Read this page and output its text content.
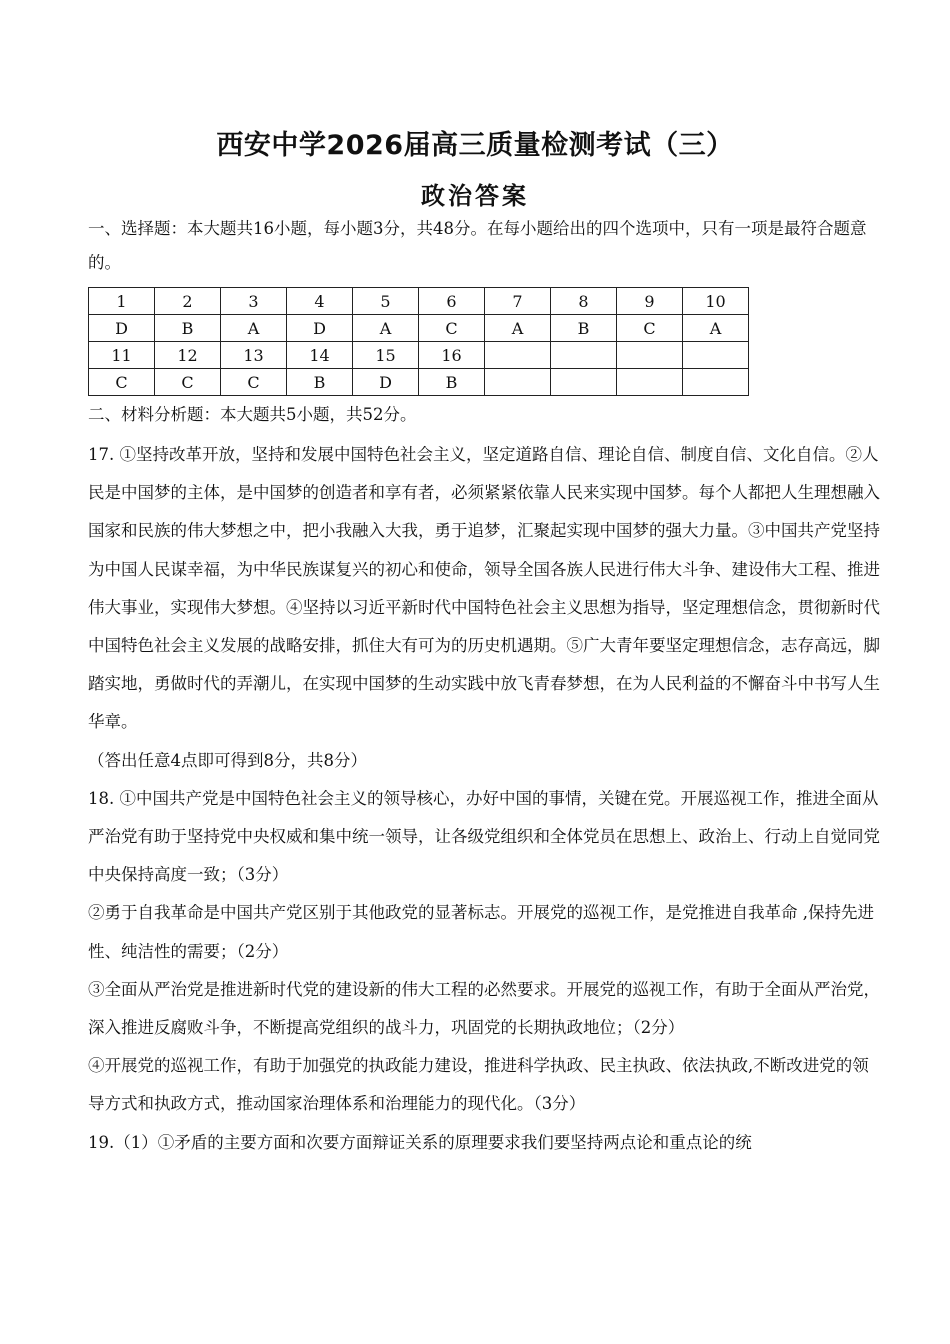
西安中学2026届高三质量检测考试（三）
政治答案

一、选择题：本大题共16小题，每小题3分，共48分。在每小题给出的四个选项中，只有一项是最符合题意的。

1	2	3	4	5	6	7	8	9	10
D	B	A	D	A	C	A	B	C	A
11	12	13	14	15	16				
C	C	C	B	D	B				

二、材料分析题：本大题共5小题，共52分。

17. ①坚持改革开放，坚持和发展中国特色社会主义，坚定道路自信、理论自信、制度自信、文化自信。②人民是中国梦的主体，是中国梦的创造者和享有者，必须紧紧依靠人民来实现中国梦。每个人都把人生理想融入国家和民族的伟大梦想之中，把小我融入大我，勇于追梦，汇聚起实现中国梦的强大力量。③中国共产党坚持为中国人民谋幸福，为中华民族谋复兴的初心和使命，领导全国各族人民进行伟大斗争、建设伟大工程、推进伟大事业，实现伟大梦想。④坚持以习近平新时代中国特色社会主义思想为指导，坚定理想信念，贯彻新时代中国特色社会主义发展的战略安排，抓住大有可为的历史机遇期。⑤广大青年要坚定理想信念，志存高远，脚踏实地，勇做时代的弄潮儿，在实现中国梦的生动实践中放飞青春梦想，在为人民利益的不懈奋斗中书写人生华章。

（答出任意4点即可得到8分，共8分）

18. ①中国共产党是中国特色社会主义的领导核心，办好中国的事情，关键在党。开展巡视工作，推进全面从严治党有助于坚持党中央权威和集中统一领导，让各级党组织和全体党员在思想上、政治上、行动上自觉同党中央保持高度一致；（3分）

②勇于自我革命是中国共产党区别于其他政党的显著标志。开展党的巡视工作，是党推进自我革命 ,保持先进性、纯洁性的需要；（2分）

③全面从严治党是推进新时代党的建设新的伟大工程的必然要求。开展党的巡视工作，有助于全面从严治党，深入推进反腐败斗争，不断提高党组织的战斗力，巩固党的长期执政地位；（2分）

④开展党的巡视工作，有助于加强党的执政能力建设，推进科学执政、民主执政、依法执政,不断改进党的领导方式和执政方式，推动国家治理体系和治理能力的现代化。（3分）

19.（1）①矛盾的主要方面和次要方面辩证关系的原理要求我们要坚持两点论和重点论的统
